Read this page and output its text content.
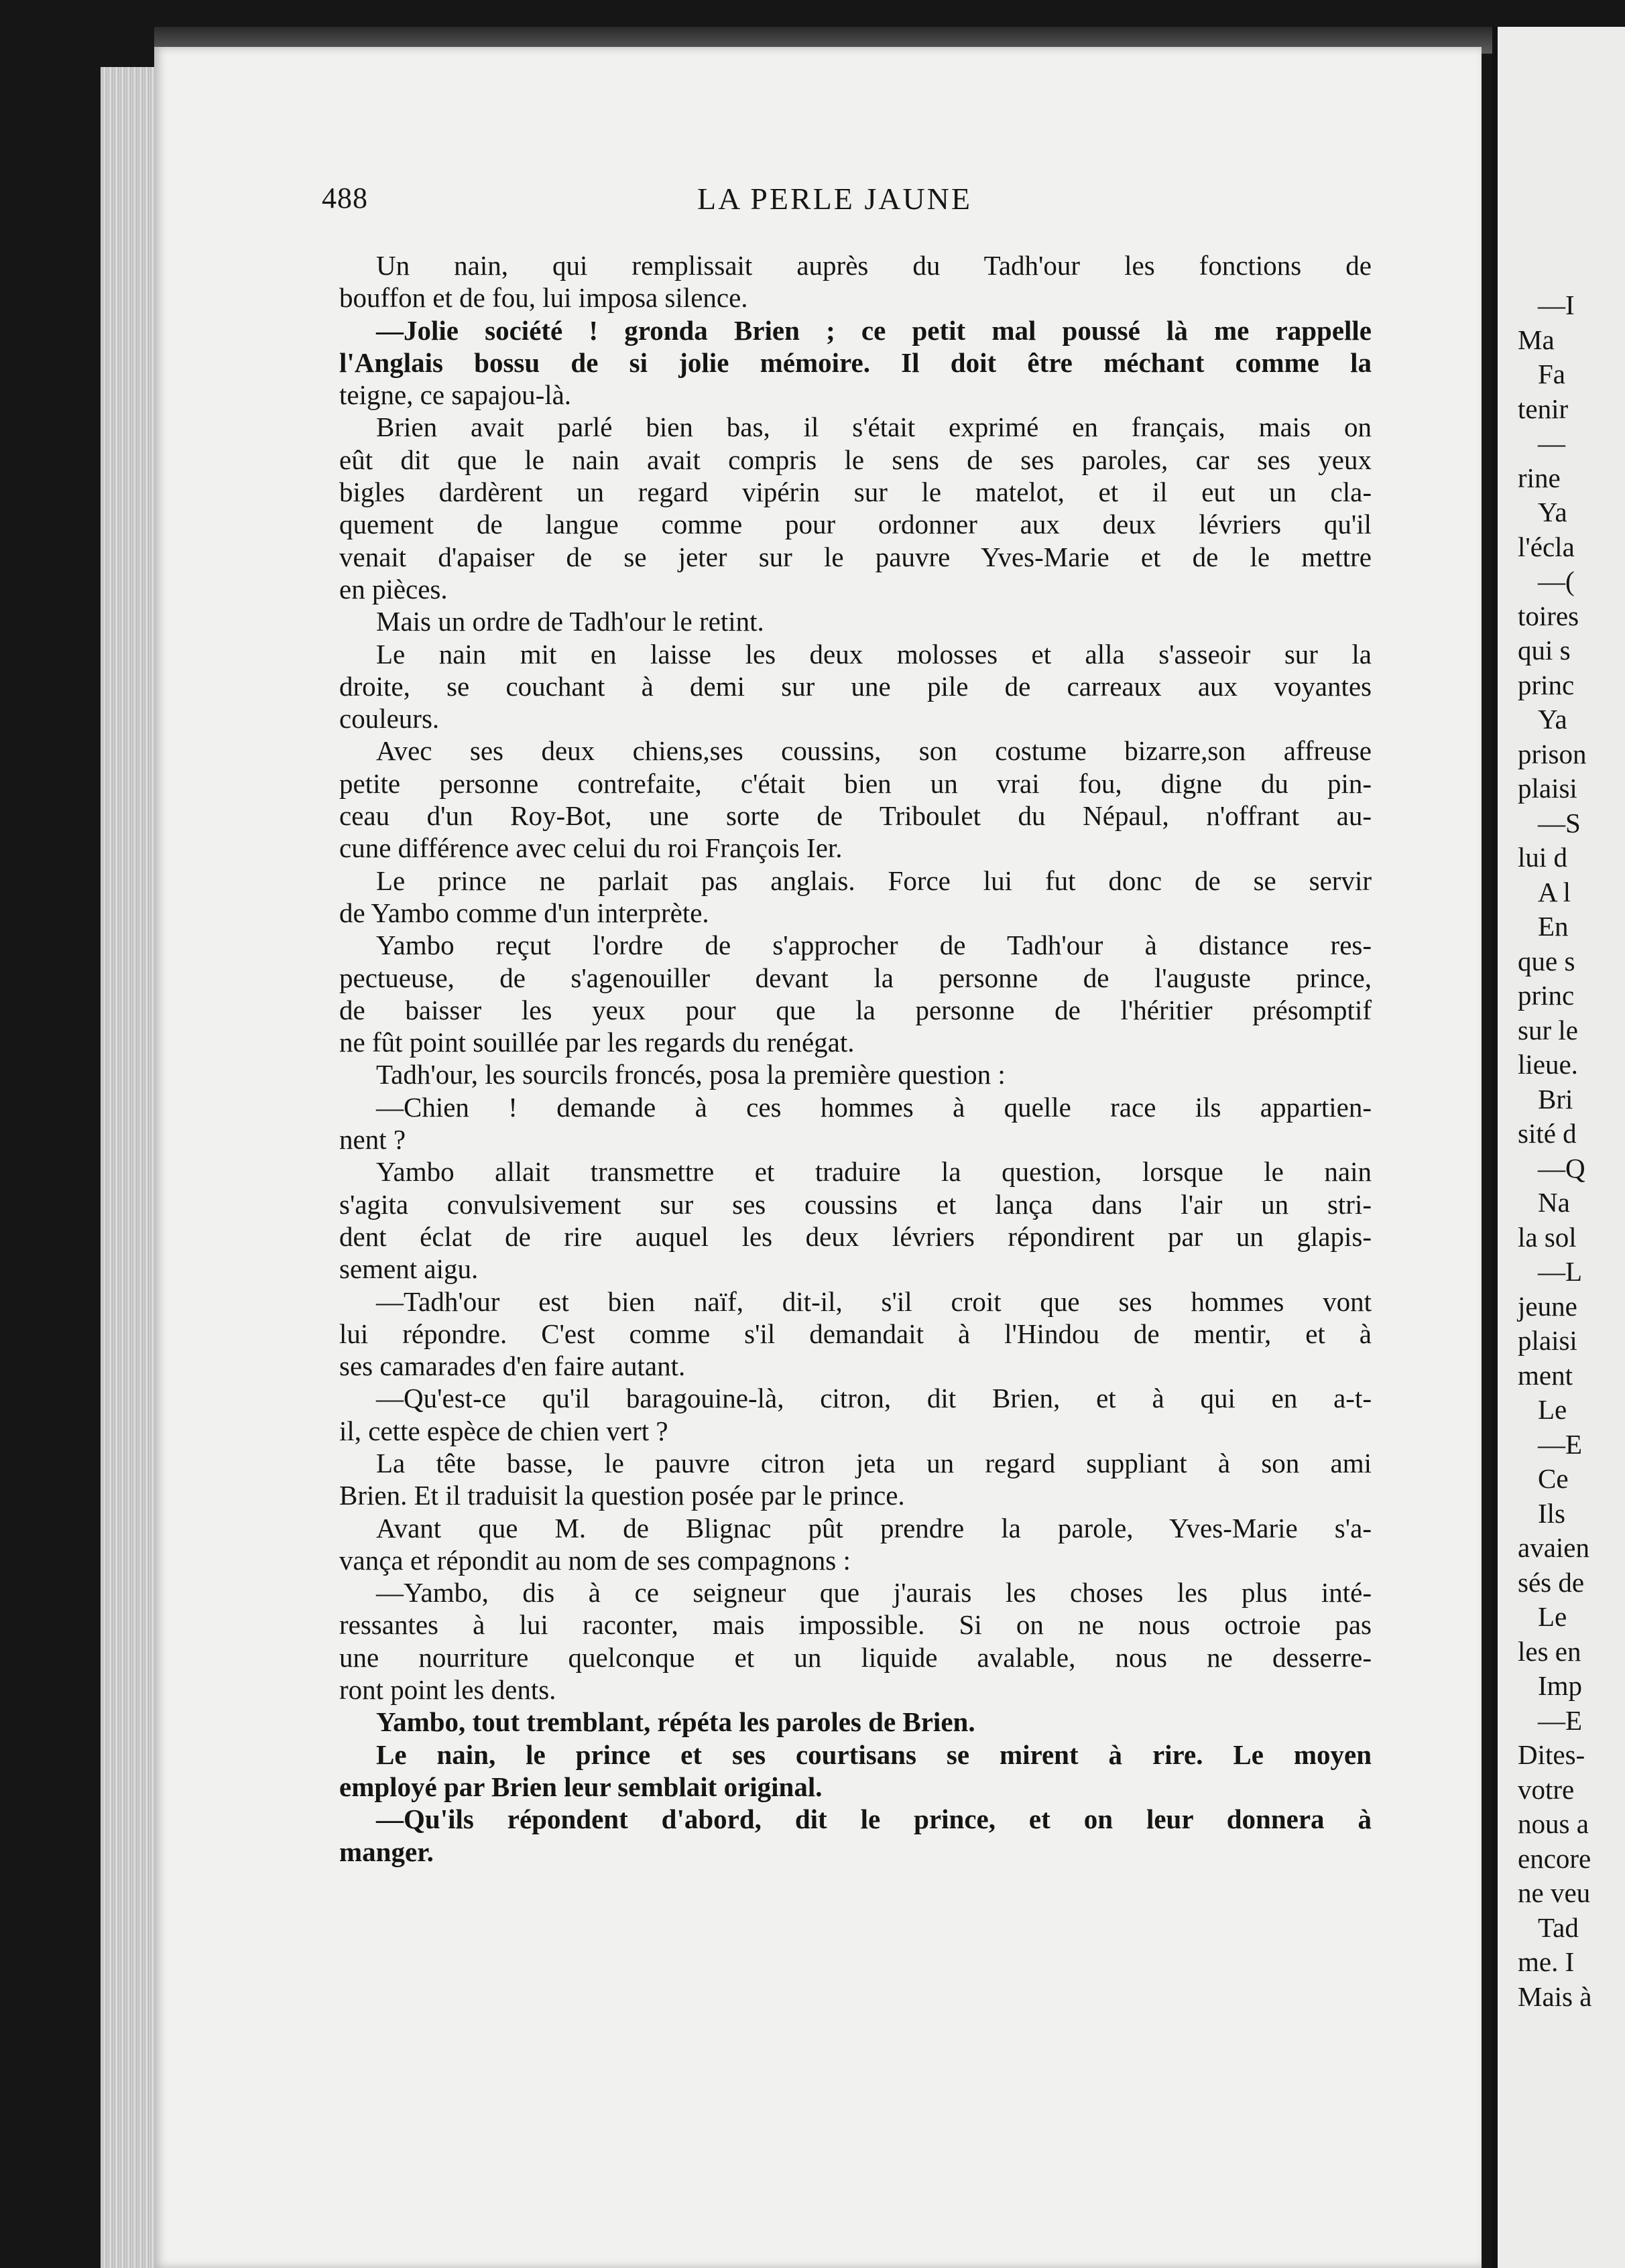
488	LA PERLE JAUNE
Un nain, qui remplissait auprès du Tadh'our les fonctions de
bouffon et de fou, lui imposa silence.
—Jolie société ! gronda Brien ; ce petit mal poussé là me rappelle
l'Anglais bossu de si jolie mémoire. Il doit être méchant comme la
teigne, ce sapajou-là.
Brien avait parlé bien bas, il s'était exprimé en français, mais on
eût dit que le nain avait compris le sens de ses paroles, car ses yeux
bigles dardèrent un regard vipérin sur le matelot, et il eut un cla-
quement de langue comme pour ordonner aux deux lévriers qu'il
venait d'apaiser de se jeter sur le pauvre Yves-Marie et de le mettre
en pièces.
Mais un ordre de Tadh'our le retint.
Le nain mit en laisse les deux molosses et alla s'asseoir sur la
droite, se couchant à demi sur une pile de carreaux aux voyantes
couleurs.
Avec ses deux chiens,ses coussins, son costume bizarre,son affreuse
petite personne contrefaite, c'était bien un vrai fou, digne du pin-
ceau d'un Roy-Bot, une sorte de Triboulet du Népaul, n'offrant au-
cune différence avec celui du roi François Ier.
Le prince ne parlait pas anglais. Force lui fut donc de se servir
de Yambo comme d'un interprète.
Yambo reçut l'ordre de s'approcher de Tadh'our à distance res-
pectueuse, de s'agenouiller devant la personne de l'auguste prince,
de baisser les yeux pour que la personne de l'héritier présomptif
ne fût point souillée par les regards du renégat.
Tadh'our, les sourcils froncés, posa la première question :
—Chien ! demande à ces hommes à quelle race ils appartien-
nent ?
Yambo allait transmettre et traduire la question, lorsque le nain
s'agita convulsivement sur ses coussins et lança dans l'air un stri-
dent éclat de rire auquel les deux lévriers répondirent par un glapis-
sement aigu.
—Tadh'our est bien naïf, dit-il, s'il croit que ses hommes vont
lui répondre. C'est comme s'il demandait à l'Hindou de mentir, et à
ses camarades d'en faire autant.
—Qu'est-ce qu'il baragouine-là, citron, dit Brien, et à qui en a-t-
il, cette espèce de chien vert ?
La tête basse, le pauvre citron jeta un regard suppliant à son ami
Brien. Et il traduisit la question posée par le prince.
Avant que M. de Blignac pût prendre la parole, Yves-Marie s'a-
vança et répondit au nom de ses compagnons :
—Yambo, dis à ce seigneur que j'aurais les choses les plus inté-
ressantes à lui raconter, mais impossible. Si on ne nous octroie pas
une nourriture quelconque et un liquide avalable, nous ne desserre-
ront point les dents.
Yambo, tout tremblant, répéta les paroles de Brien.
Le nain, le prince et ses courtisans se mirent à rire. Le moyen
employé par Brien leur semblait original.
—Qu'ils répondent d'abord, dit le prince, et on leur donnera à
manger.
—I
Ma
Fa
tenir
—
rine
Ya
l'écla
—(
toires
qui s
princ
Ya
prison
plaisi
—S
lui d
A l
En
que s
princ
sur le
lieue.
Bri
sité d
—Q
Na
la sol
—L
jeune
plaisi
ment
Le
—E
Ce
Ils
avaien
sés de
Le
les en
Imp
—E
Dites-
votre
nous a
encore
ne veu
Tad
me. I
Mais à
